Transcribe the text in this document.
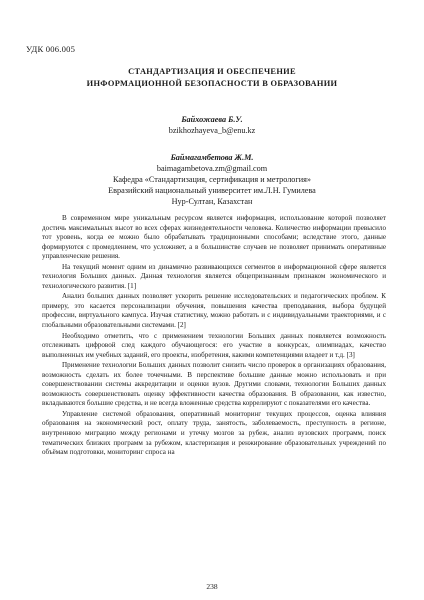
УДК 006.005
СТАНДАРТИЗАЦИЯ И ОБЕСПЕЧЕНИЕ
ИНФОРМАЦИОННОЙ БЕЗОПАСНОСТИ В ОБРАЗОВАНИИ
Байхожаева Б.У.
bzikhozhayeva_b@enu.kz
Баймагамбетова Ж.М.
baimagambetova.zm@gmail.com
Кафедра «Стандартизация, сертификация и метрология»
Евразийский национальный университет им.Л.Н. Гумилева
Нур-Султан, Казахстан

В современном мире уникальным ресурсом является информация, использование которой позволяет достичь максимальных высот во всех сферах жизнедеятельности человека. Количество информации превысило тот уровень, когда ее можно было обрабатывать традиционными способами; вследствие этого, данные формируются с промедлением, что усложняет, а в большинстве случаев не позволяет принимать оперативные управленческие решения.

На текущий момент одним из динамично развивающихся сегментов в информационной сфере является технология Больших данных. Данная технология является общепризнанным признаком экономического и технологического развития. [1]

Анализ больших данных позволяет ускорить решение исследовательских и педагогических проблем. К примеру, это касается персонализации обучения, повышения качества преподавания, выбора будущей профессии, виртуального кампуса. Изучая статистику, можно работать и с индивидуальными траекториями, и с глобальными образовательными системами. [2]

Необходимо отметить, что с применением технологии Больших данных появляется возможность отслеживать цифровой след каждого обучающегося: его участие в конкурсах, олимпиадах, качество выполненных им учебных заданий, его проекты, изобретения, какими компетенциями владеет и т.д. [3]

Применение технологии Больших данных позволит снизить число проверок в организациях образования, возможность сделать их более точечными. В перспективе большие данные можно использовать и при совершенствовании системы аккредитации и оценки вузов. Другими словами, технологии Больших данных возможность совершенствовать оценку эффективности качества образования. В образовании, как известно, вкладываются большие средства, и не всегда вложенные средства коррелируют с показателями его качества.

Управление системой образования, оперативный мониторинг текущих процессов, оценка влияния образования на экономический рост, оплату труда, занятость, заболеваемость, преступность в регионе, внутреннюю миграцию между регионами и утечку мозгов за рубеж, анализ вузовских программ, поиск тематических близких программ за рубежом, кластеризация и ренжирование образовательных учреждений по объёмам подготовки, мониторинг спроса на

238
